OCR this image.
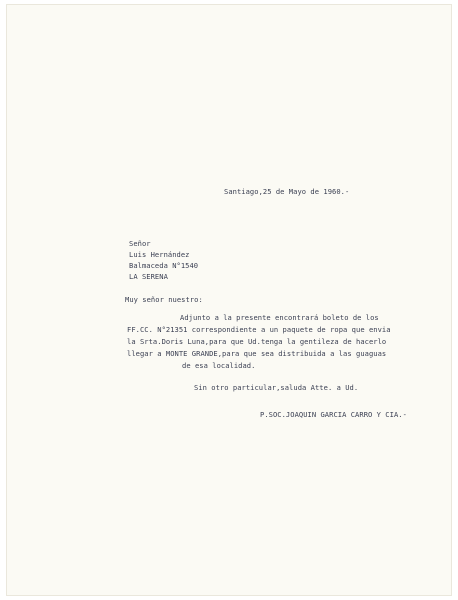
Santiago,25 de Mayo de 1960.-
Señor
Luis Hernández
Balmaceda N°1540
LA SERENA
Muy señor nuestro:
Adjunto a la presente encontrará boleto de los
FF.CC. N°21351 correspondiente a un paquete de ropa que envia
la Srta.Doris Luna,para que Ud.tenga la gentileza de hacerlo
llegar a MONTE GRANDE,para que sea distribuida a las guaguas
de esa localidad.
Sin otro particular,saluda Atte. a Ud.
P.SOC.JOAQUIN GARCIA CARRO Y CIA.-
